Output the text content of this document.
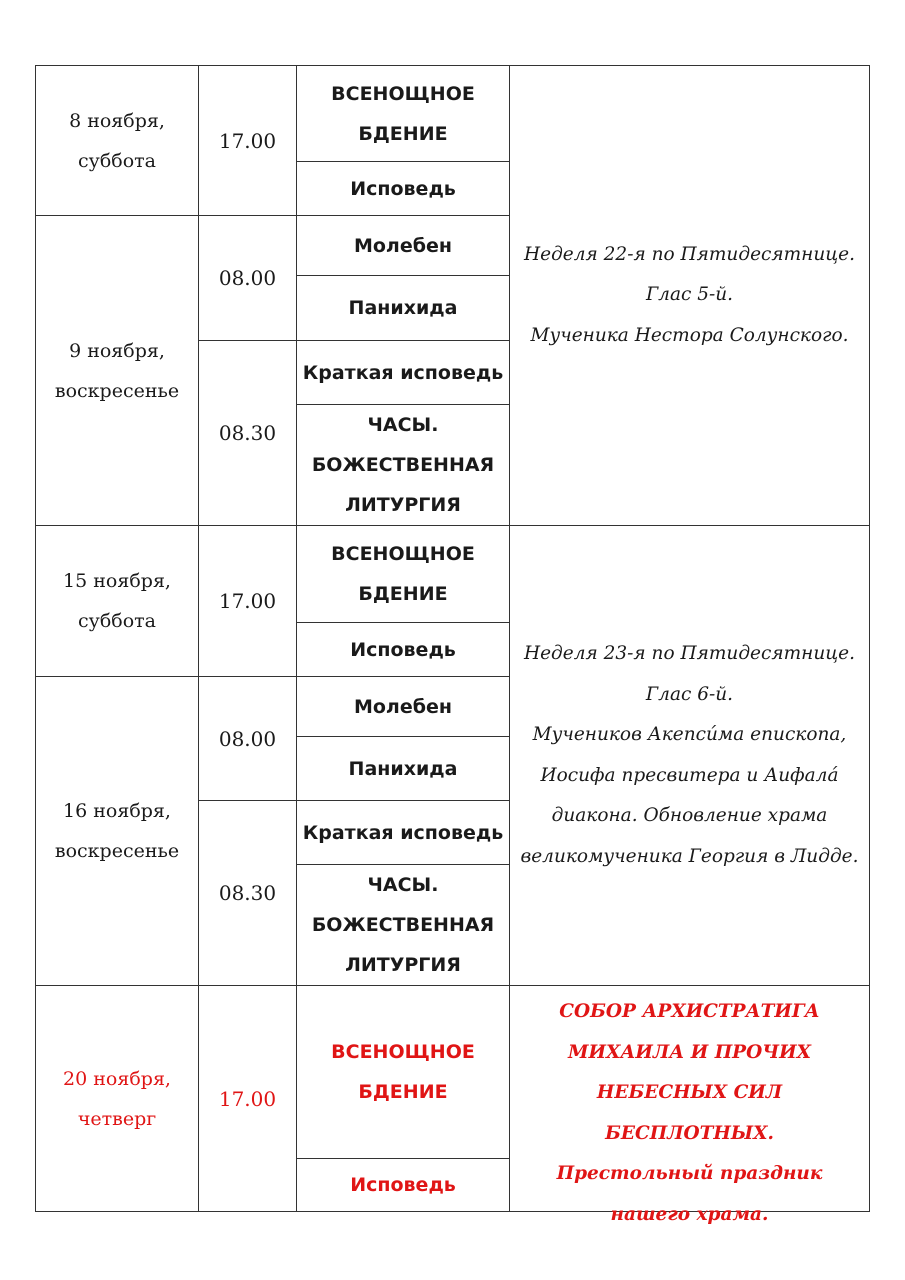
8 ноября,
суббота
17.00
ВСЕНОЩНОЕ
БДЕНИЕ
Исповедь
9 ноября,
воскресенье
08.00
Молебен
Панихида
08.30
Краткая исповедь
ЧАСЫ.
БОЖЕСТВЕННАЯ
ЛИТУРГИЯ
Неделя 22-я по Пятидесятнице.
Глас 5-й.
Мученика Нестора Солунского.
15 ноября,
суббота
17.00
ВСЕНОЩНОЕ
БДЕНИЕ
Исповедь
16 ноября,
воскресенье
08.00
Молебен
Панихида
08.30
Краткая исповедь
ЧАСЫ.
БОЖЕСТВЕННАЯ
ЛИТУРГИЯ
Неделя 23-я по Пятидесятнице.
Глас 6-й.
Мучеников Акепси́ма епископа,
Иосифа пресвитера и Аифала́
диакона. Обновление храма
великомученика Георгия в Лидде.
20 ноября,
четверг
17.00
ВСЕНОЩНОЕ
БДЕНИЕ
Исповедь
СОБОР АРХИСТРАТИГА
МИХАИЛА И ПРОЧИХ
НЕБЕСНЫХ СИЛ БЕСПЛОТНЫХ.
Престольный праздник
нашего храма.
